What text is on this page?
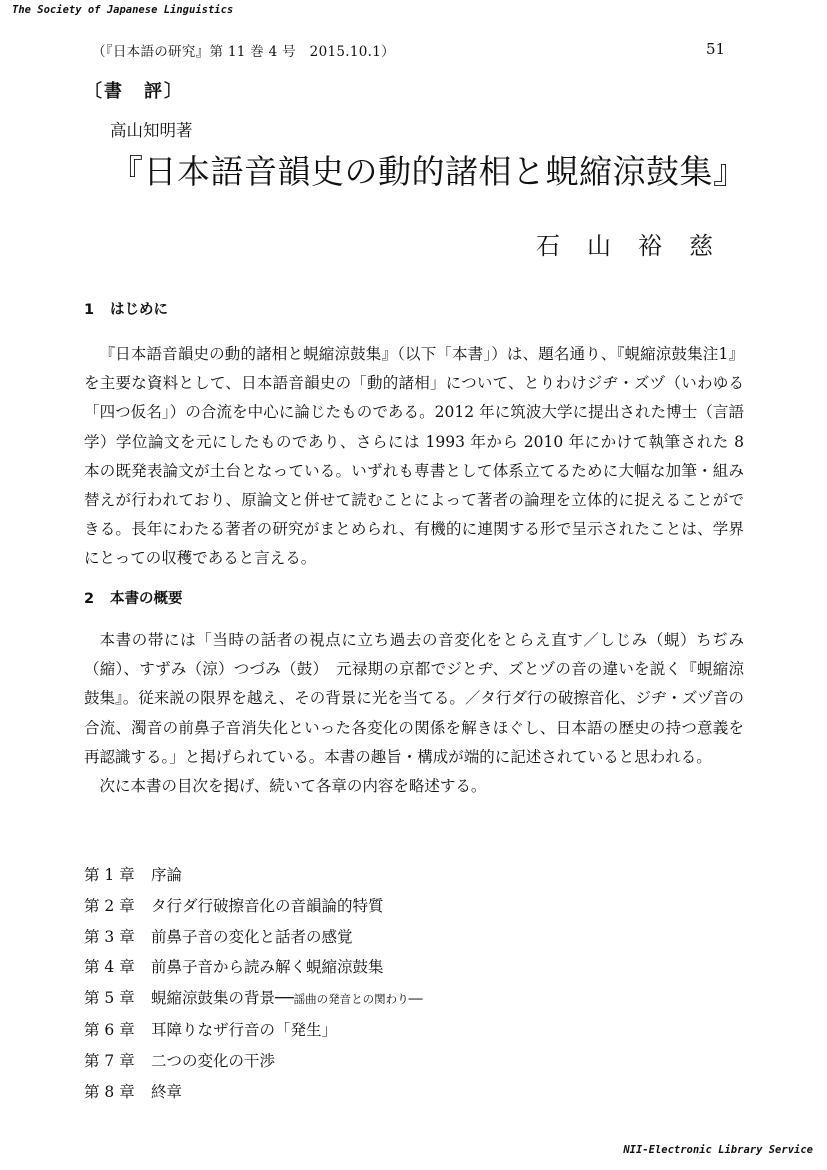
The Society of Japanese Linguistics
（『日本語の研究』第 11 巻 4 号　2015.10.1）	51
〔書　評〕
高山知明著
『日本語音韻史の動的諸相と蜆縮涼鼓集』
石山裕慈
1 はじめに

『日本語音韻史の動的諸相と蜆縮涼鼓集』（以下「本書」）は、題名通り、『蜆縮涼鼓集注1』を主要な資料として、日本語音韻史の「動的諸相」について、とりわけジヂ・ズヅ（いわゆる「四つ仮名」）の合流を中心に論じたものである。2012 年に筑波大学に提出された博士（言語学）学位論文を元にしたものであり、さらには 1993 年から 2010 年にかけて執筆された 8 本の既発表論文が土台となっている。いずれも専書として体系立てるために大幅な加筆・組み替えが行われており、原論文と併せて読むことによって著者の論理を立体的に捉えることができる。長年にわたる著者の研究がまとめられ、有機的に連関する形で呈示されたことは、学界にとっての収穫であると言える。

2 本書の概要

本書の帯には「当時の話者の視点に立ち過去の音変化をとらえ直す／しじみ（蜆）ちぢみ（縮）、すずみ（涼）つづみ（鼓）　元禄期の京都でジとヂ、ズとヅの音の違いを説く『蜆縮涼鼓集』。従来説の限界を越え、その背景に光を当てる。／タ行ダ行の破擦音化、ジヂ・ズヅ音の合流、濁音の前鼻子音消失化といった各変化の関係を解きほぐし、日本語の歴史の持つ意義を再認識する。」と掲げられている。本書の趣旨・構成が端的に記述されていると思われる。

次に本書の目次を掲げ、続いて各章の内容を略述する。

第 1 章 序論
第 2 章 タ行ダ行破擦音化の音韻論的特質
第 3 章 前鼻子音の変化と話者の感覚
第 4 章 前鼻子音から読み解く蜆縮涼鼓集
第 5 章 蜆縮涼鼓集の背景──謡曲の発音との関わり──
第 6 章 耳障りなザ行音の「発生」
第 7 章 二つの変化の干渉
第 8 章 終章
NII-Electronic Library Service
